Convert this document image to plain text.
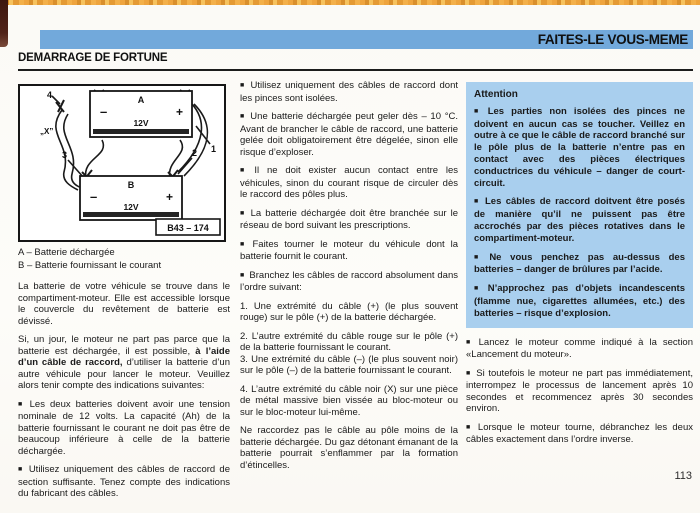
FAITES-LE VOUS-MEME
DEMARRAGE DE FORTUNE
A
–	+
12V
B
–	+
12V
4
„X”
1
2
3
B43 – 174
A – Batterie déchargée
B – Batterie fournissant le courant

La batterie de votre véhicule se trouve dans le compartiment-moteur. Elle est accessible lorsque le couvercle du revêtement de batterie est dévissé.

Si, un jour, le moteur ne part pas parce que la batterie est déchargée, il est possible, à l’aide d’un câble de raccord, d’utiliser la batterie d’un autre véhicule pour lancer le moteur. Veuillez alors tenir compte des indications suivantes:

■ Les deux batteries doivent avoir une tension nominale de 12 volts. La capacité (Ah) de la batterie fournissant le courant ne doit pas être de beaucoup inférieure à celle de la batterie déchargée.

■ Utilisez uniquement des câbles de raccord de section suffisante. Tenez compte des indications du fabricant des câbles.

■ Utilisez uniquement des câbles de raccord dont les pinces sont isolées.

■ Une batterie déchargée peut geler dès – 10 °C. Avant de brancher le câble de raccord, une batterie gelée doit obligatoirement être dégelée, sinon elle risque d’exploser.

■ Il ne doit exister aucun contact entre les véhicules, sinon du courant risque de circuler dès le raccord des pôles plus.

■ La batterie déchargée doit être branchée sur le réseau de bord suivant les prescriptions.

■ Faites tourner le moteur du véhicule dont la batterie fournit le courant.

■ Branchez les câbles de raccord absolument dans l’ordre suivant:

1. Une extrémité du câble (+) (le plus souvent rouge) sur le pôle (+) de la batterie déchargée.

2. L’autre extrémité du câble rouge sur le pôle (+) de la batterie fournissant le courant.

3. Une extrémité du câble (–) (le plus souvent noir) sur le pôle (–) de la batterie fournissant le courant.

4. L’autre extrémité du câble noir (X) sur une pièce de métal massive bien vissée au bloc-moteur ou sur le bloc-moteur lui-même.

Ne raccordez pas le câble au pôle moins de la batterie déchargée. Du gaz détonant émanant de la batterie pourrait s’enflammer par la formation d’étincelles.

Attention

■ Les parties non isolées des pinces ne doivent en aucun cas se toucher. Veillez en outre à ce que le câble de raccord branché sur le pôle plus de la batterie n’entre pas en contact avec des pièces électriques conductrices du véhicule – danger de court-circuit.

■ Les câbles de raccord doitvent être posés de manière qu’il ne puissent pas être accrochés par des pièces rotatives dans le compartiment-moteur.

■ Ne vous penchez pas au-dessus des batteries – danger de brûlures par l’acide.

■ N’approchez pas d’objets incandescents (flamme nue, cigarettes allumées, etc.) des batteries – risque d’explosion.

■ Lancez le moteur comme indiqué à la section «Lancement du moteur».

■ Si toutefois le moteur ne part pas immédiatement, interrompez le processus de lancement après 10 secondes et recommencez après 30 secondes environ.

■ Lorsque le moteur tourne, débranchez les deux câbles exactement dans l’ordre inverse.

113
